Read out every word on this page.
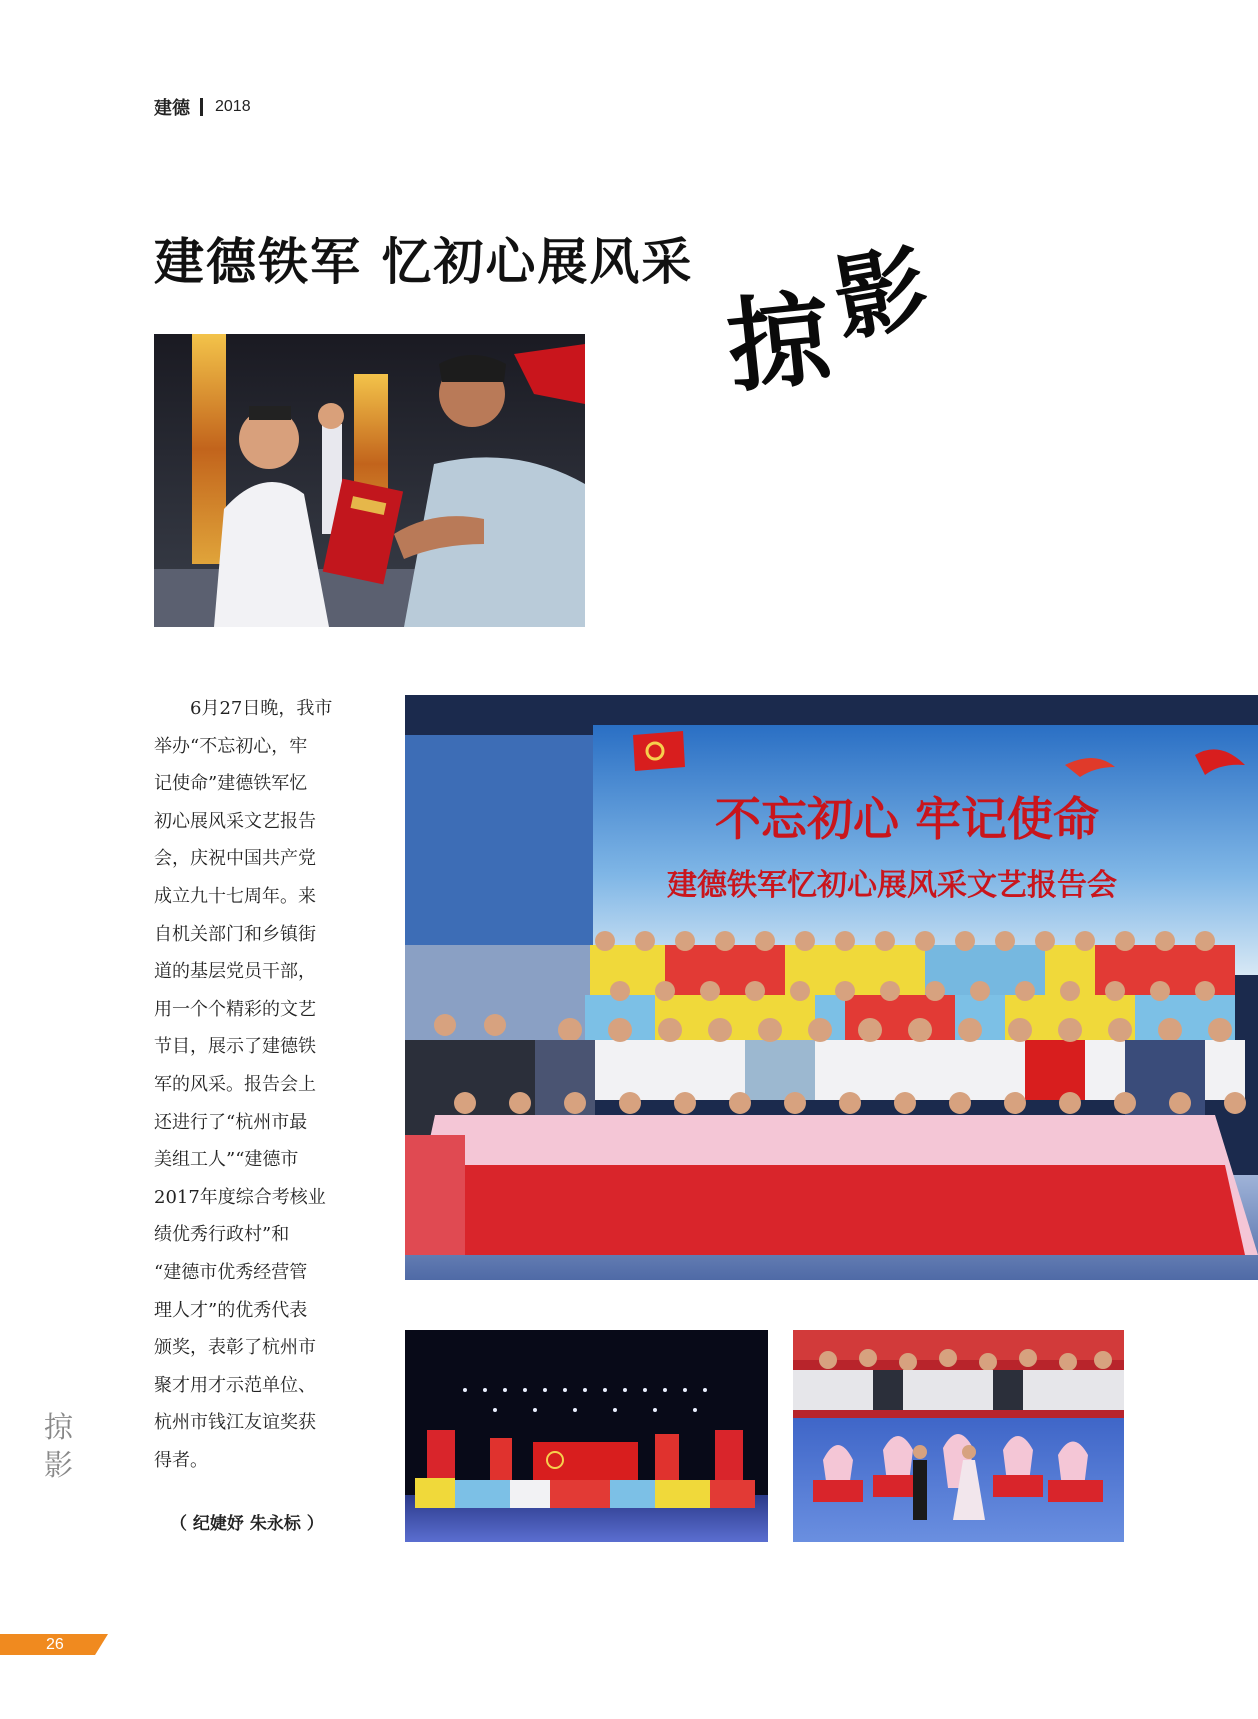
建德 2018
建德铁军 忆初心展风采
掠
影
　　6月27日晚，我市
举办“不忘初心，牢
记使命”建德铁军忆
初心展风采文艺报告
会，庆祝中国共产党
成立九十七周年。来
自机关部门和乡镇街
道的基层党员干部，
用一个个精彩的文艺
节目，展示了建德铁
军的风采。报告会上
还进行了“杭州市最
美组工人”“建德市
2017年度综合考核业
绩优秀行政村”和
“建德市优秀经营管
理人才”的优秀代表
颁奖，表彰了杭州市
聚才用才示范单位、
杭州市钱江友谊奖获
得者。
不忘初心 牢记使命
建德铁军忆初心展风采文艺报告会
（ 纪婕妤 朱永标 ）
掠
影
26
